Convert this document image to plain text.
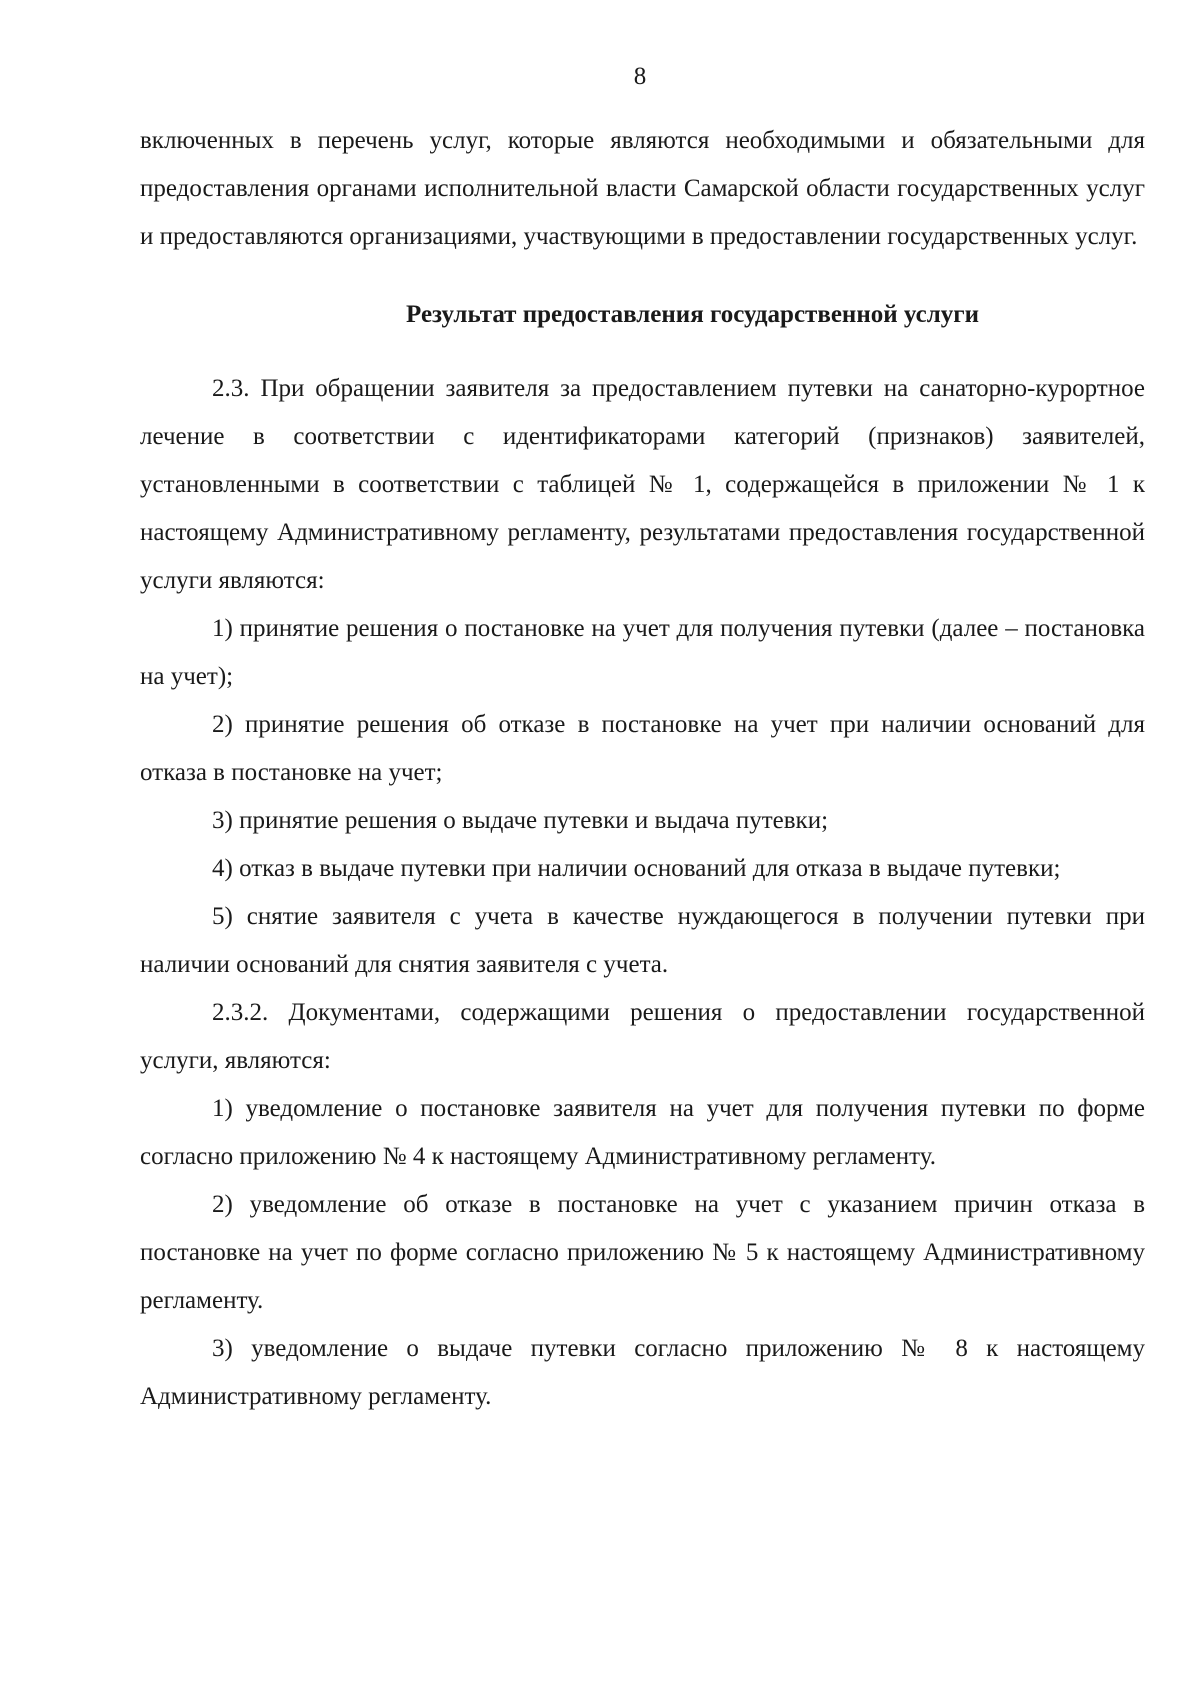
8

включенных в перечень услуг, которые являются необходимыми и обязательными для предоставления органами исполнительной власти Самарской области государственных услуг и предоставляются организациями, участвующими в предоставлении государственных услуг.

Результат предоставления государственной услуги

2.3. При обращении заявителя за предоставлением путевки на санаторно-курортное лечение в соответствии с идентификаторами категорий (признаков) заявителей, установленными в соответствии с таблицей № 1, содержащейся в приложении № 1 к настоящему Административному регламенту, результатами предоставления государственной услуги являются:

1) принятие решения о постановке на учет для получения путевки (далее – постановка на учет);

2) принятие решения об отказе в постановке на учет при наличии оснований для отказа в постановке на учет;

3) принятие решения о выдаче путевки и выдача путевки;

4) отказ в выдаче путевки при наличии оснований для отказа в выдаче путевки;

5) снятие заявителя с учета в качестве нуждающегося в получении путевки при наличии оснований для снятия заявителя с учета.

2.3.2. Документами, содержащими решения о предоставлении государственной услуги, являются:

1) уведомление о постановке заявителя на учет для получения путевки по форме согласно приложению № 4 к настоящему Административному регламенту.

2) уведомление об отказе в постановке на учет с указанием причин отказа в постановке на учет по форме согласно приложению № 5 к настоящему Административному регламенту.

3) уведомление о выдаче путевки согласно приложению № 8 к настоящему Административному регламенту.
